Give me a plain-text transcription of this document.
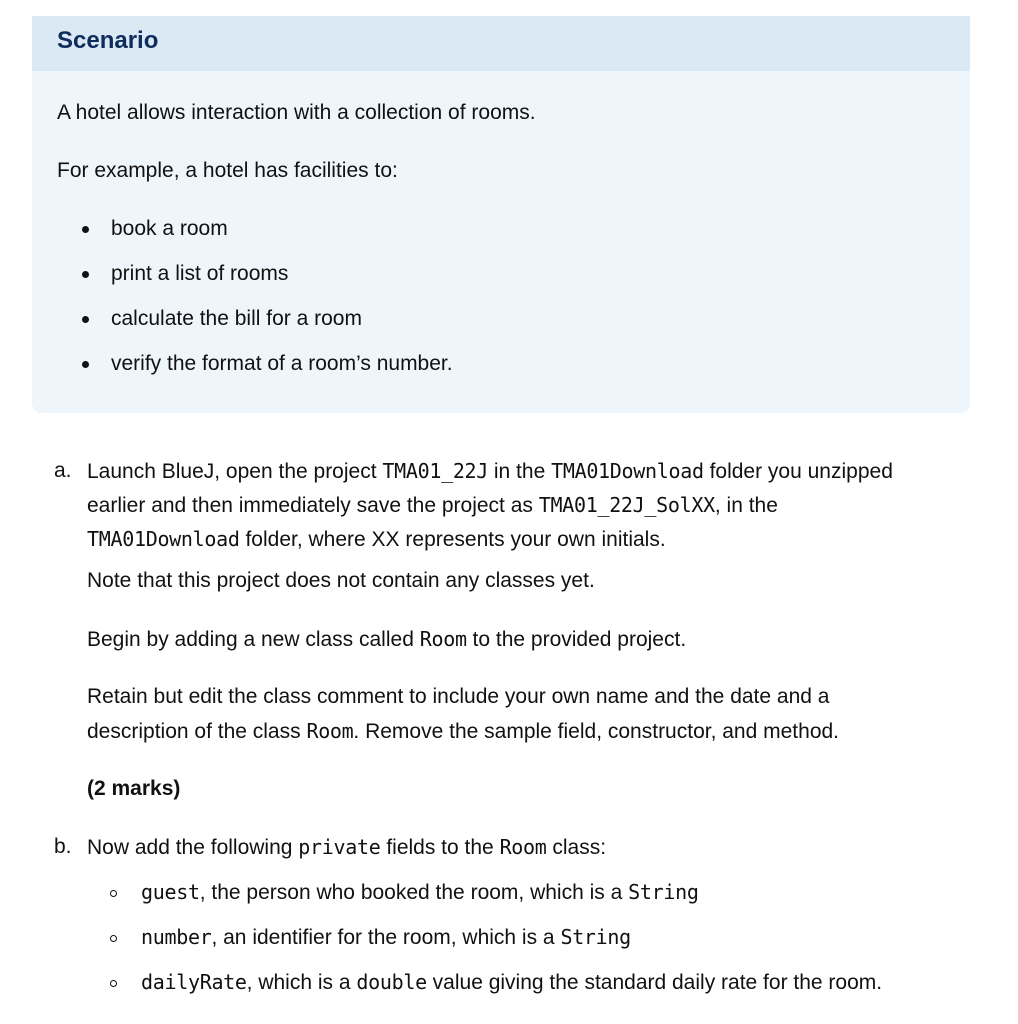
Scenario
A hotel allows interaction with a collection of rooms.
For example, a hotel has facilities to:
book a room
print a list of rooms
calculate the bill for a room
verify the format of a room’s number.
a. Launch BlueJ, open the project TMA01_22J in the TMA01Download folder you unzipped
earlier and then immediately save the project as TMA01_22J_SolXX, in the
TMA01Download folder, where XX represents your own initials.
Note that this project does not contain any classes yet.
Begin by adding a new class called Room to the provided project.
Retain but edit the class comment to include your own name and the date and a
description of the class Room. Remove the sample field, constructor, and method.
(2 marks)
b. Now add the following private fields to the Room class:
guest, the person who booked the room, which is a String
number, an identifier for the room, which is a String
dailyRate, which is a double value giving the standard daily rate for the room.
